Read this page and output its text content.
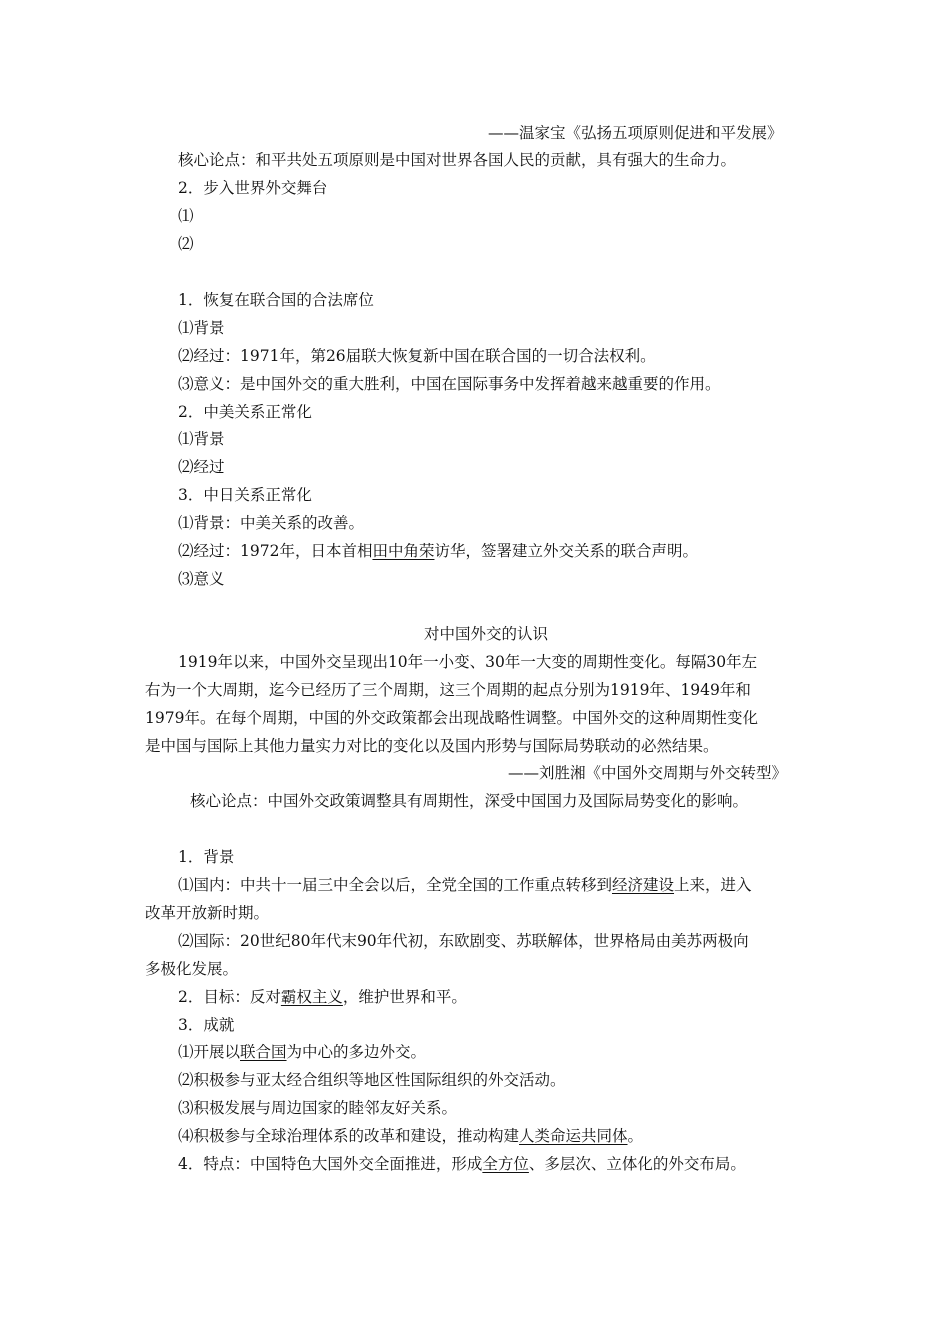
——温家宝《弘扬五项原则促进和平发展》
核心论点：和平共处五项原则是中国对世界各国人民的贡献，具有强大的生命力。
2．步入世界外交舞台
⑴
⑵
1．恢复在联合国的合法席位
⑴背景
⑵经过：1971年，第26届联大恢复新中国在联合国的一切合法权利。
⑶意义：是中国外交的重大胜利，中国在国际事务中发挥着越来越重要的作用。
2．中美关系正常化
⑴背景
⑵经过
3．中日关系正常化
⑴背景：中美关系的改善。
⑵经过：1972年，日本首相田中角荣访华，签署建立外交关系的联合声明。
⑶意义
对中国外交的认识
1919年以来，中国外交呈现出10年一小变、30年一大变的周期性变化。每隔30年左
右为一个大周期，迄今已经历了三个周期，这三个周期的起点分别为1919年、1949年和
1979年。在每个周期，中国的外交政策都会出现战略性调整。中国外交的这种周期性变化
是中国与国际上其他力量实力对比的变化以及国内形势与国际局势联动的必然结果。
——刘胜湘《中国外交周期与外交转型》
核心论点：中国外交政策调整具有周期性，深受中国国力及国际局势变化的影响。
1．背景
⑴国内：中共十一届三中全会以后，全党全国的工作重点转移到经济建设上来，进入
改革开放新时期。
⑵国际：20世纪80年代末90年代初，东欧剧变、苏联解体，世界格局由美苏两极向
多极化发展。
2．目标：反对霸权主义，维护世界和平。
3．成就
⑴开展以联合国为中心的多边外交。
⑵积极参与亚太经合组织等地区性国际组织的外交活动。
⑶积极发展与周边国家的睦邻友好关系。
⑷积极参与全球治理体系的改革和建设，推动构建人类命运共同体。
4．特点：中国特色大国外交全面推进，形成全方位、多层次、立体化的外交布局。
